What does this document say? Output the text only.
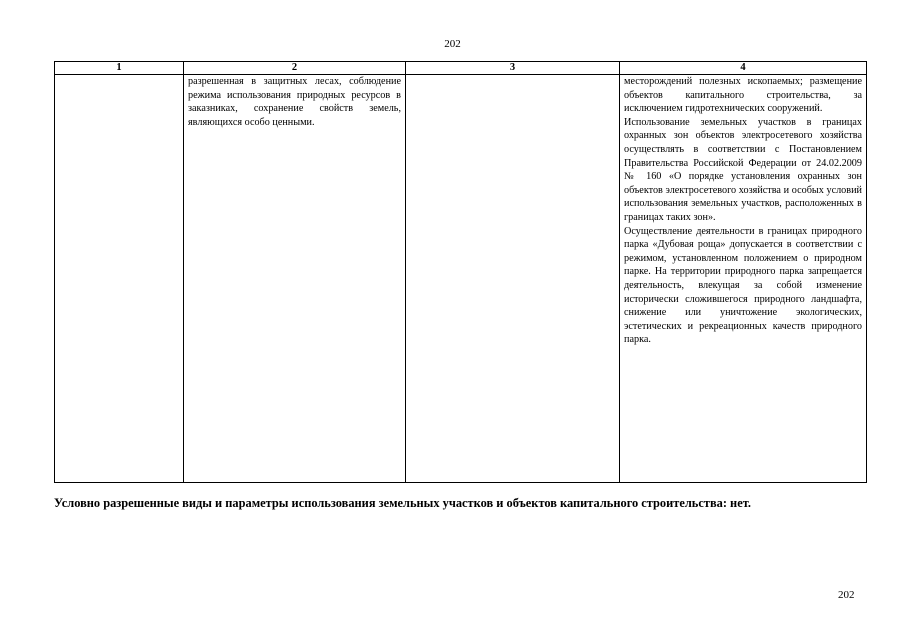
202
1	2	3	4
	разрешенная в защитных лесах, соблюдение режима использования природных ресурсов в заказниках, сохранение свойств земель, являющихся особо ценными.		месторождений полезных ископаемых; размещение объектов капитального строительства, за исключением гидротехнических сооружений.

Использование земельных участков в границах охранных зон объектов электросетевого хозяйства осуществлять в соответствии с Постановлением Правительства Российской Федерации от 24.02.2009 № 160 «О порядке установления охранных зон объектов электросетевого хозяйства и особых условий использования земельных участков, расположенных в границах таких зон».

Осуществление деятельности в границах природного парка «Дубовая роща» допускается в соответствии с режимом, установленном положением о природном парке. На территории природного парка запрещается деятельность, влекущая за собой изменение исторически сложившегося природного ландшафта, снижение или уничтожение экологических, эстетических и рекреационных качеств природного парка.

Условно разрешенные виды и параметры использования земельных участков и объектов капитального строительства: нет.
202
